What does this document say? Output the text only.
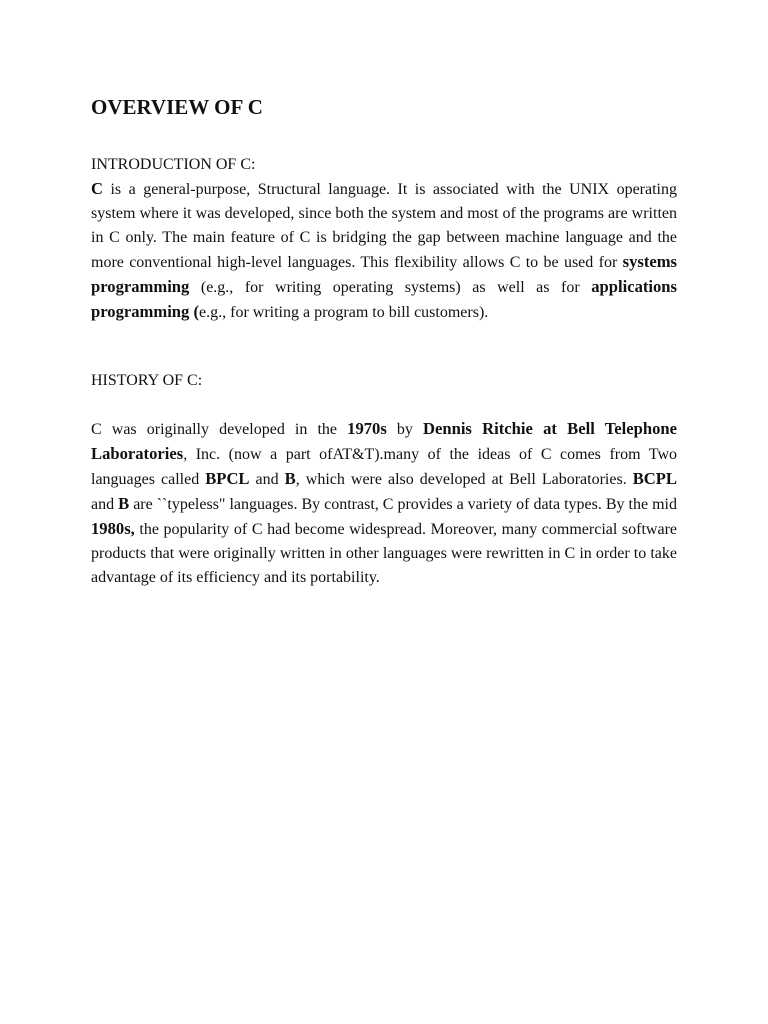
OVERVIEW OF C
INTRODUCTION OF C:

C is a general-purpose, Structural language. It is associated with the UNIX operating system where it was developed, since both the system and most of the programs are written in C only. The main feature of C is bridging the gap between machine language and the more conventional high-level languages. This flexibility allows C to be used for systems programming (e.g., for writing operating systems) as well as for applications programming (e.g., for writing a program to bill customers).

HISTORY OF C:

C was originally developed in the 1970s by Dennis Ritchie at Bell Telephone Laboratories, Inc. (now a part ofAT&T).many of the ideas of C comes from Two languages called BPCL and B, which were also developed at Bell Laboratories. BCPL and B are ``typeless" languages. By contrast, C provides a variety of data types. By the mid 1980s, the popularity of C had become widespread. Moreover, many commercial software products that were originally written in other languages were rewritten in C in order to take advantage of its efficiency and its portability.
